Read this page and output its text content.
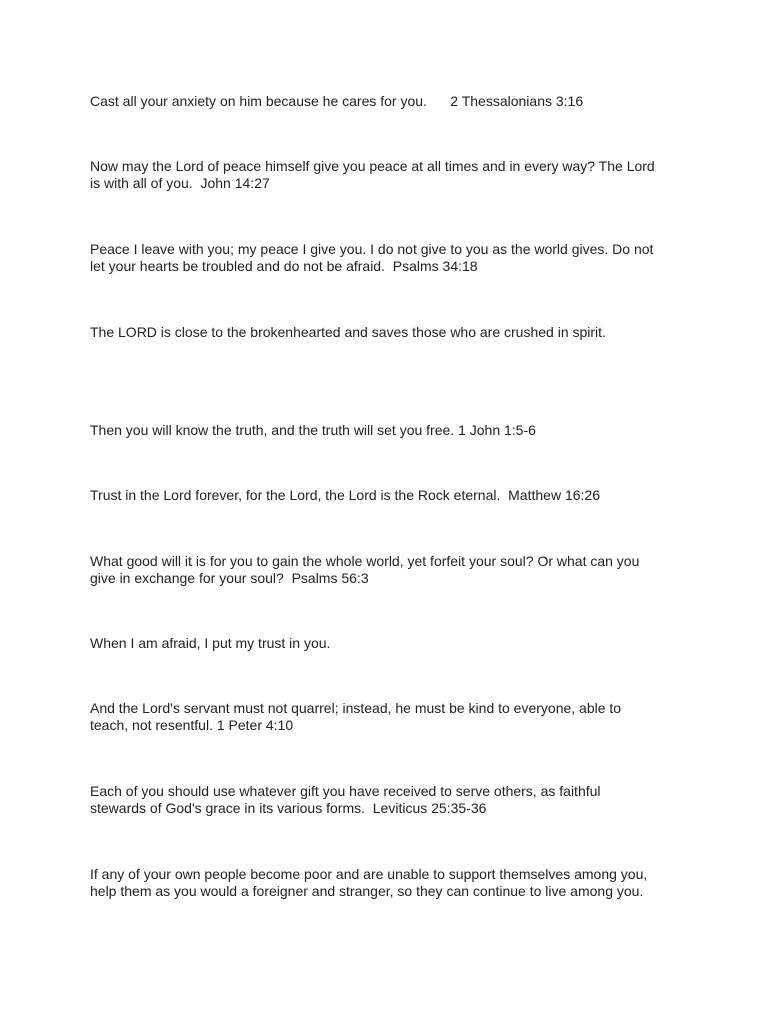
Cast all your anxiety on him because he cares for you.      2 Thessalonians 3:16

Now may the Lord of peace himself give you peace at all times and in every way? The Lord
is with all of you.  John 14:27

Peace I leave with you; my peace I give you. I do not give to you as the world gives. Do not
let your hearts be troubled and do not be afraid.  Psalms 34:18

The LORD is close to the brokenhearted and saves those who are crushed in spirit.

Then you will know the truth, and the truth will set you free. 1 John 1:5-6

Trust in the Lord forever, for the Lord, the Lord is the Rock eternal.  Matthew 16:26

What good will it is for you to gain the whole world, yet forfeit your soul? Or what can you
give in exchange for your soul?  Psalms 56:3

When I am afraid, I put my trust in you.

And the Lord's servant must not quarrel; instead, he must be kind to everyone, able to
teach, not resentful. 1 Peter 4:10

Each of you should use whatever gift you have received to serve others, as faithful
stewards of God's grace in its various forms.  Leviticus 25:35-36

If any of your own people become poor and are unable to support themselves among you,
help them as you would a foreigner and stranger, so they can continue to live among you.
